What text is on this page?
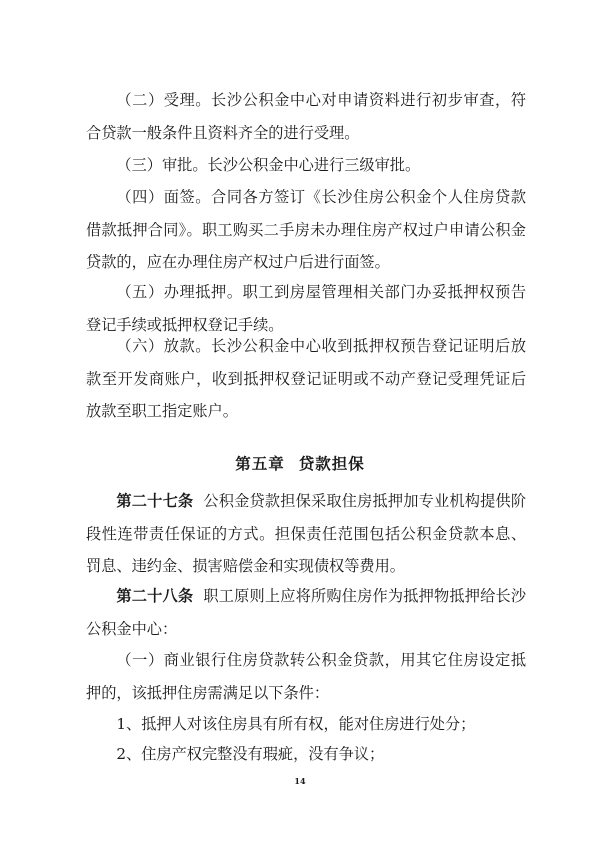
（二）受理。长沙公积金中心对申请资料进行初步审查，符合贷款一般条件且资料齐全的进行受理。

（三）审批。长沙公积金中心进行三级审批。

（四）面签。合同各方签订《长沙住房公积金个人住房贷款借款抵押合同》。职工购买二手房未办理住房产权过户申请公积金贷款的，应在办理住房产权过户后进行面签。

（五）办理抵押。职工到房屋管理相关部门办妥抵押权预告登记手续或抵押权登记手续。

（六）放款。长沙公积金中心收到抵押权预告登记证明后放款至开发商账户，收到抵押权登记证明或不动产登记受理凭证后放款至职工指定账户。

第五章 贷款担保

第二十七条 公积金贷款担保采取住房抵押加专业机构提供阶段性连带责任保证的方式。担保责任范围包括公积金贷款本息、罚息、违约金、损害赔偿金和实现债权等费用。

第二十八条 职工原则上应将所购住房作为抵押物抵押给长沙公积金中心：

（一）商业银行住房贷款转公积金贷款，用其它住房设定抵押的，该抵押住房需满足以下条件：

1、抵押人对该住房具有所有权，能对住房进行处分；

2、住房产权完整没有瑕疵，没有争议；

14
